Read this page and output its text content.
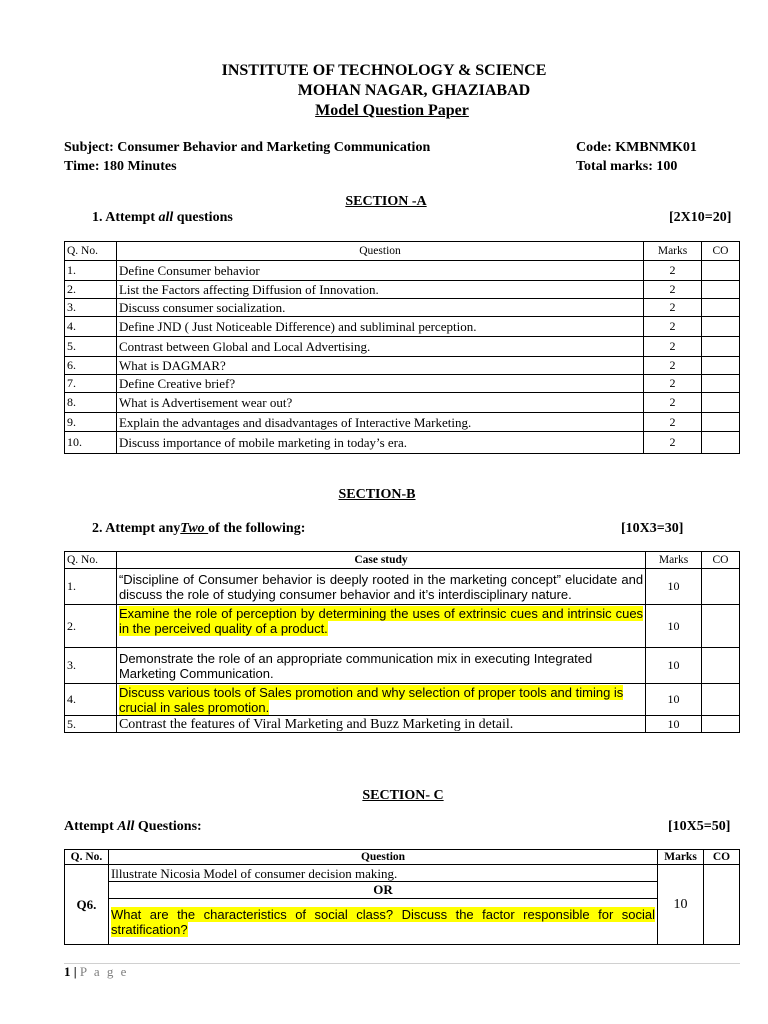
INSTITUTE OF TECHNOLOGY & SCIENCE
MOHAN NAGAR, GHAZIABAD
Model Question Paper
Subject: Consumer Behavior and Marketing Communication
Time: 180 Minutes
Code: KMBNMK01
Total marks: 100
SECTION -A
1. Attempt all questions	[2X10=20]
Q. No.	Question	Marks	CO
1.	Define Consumer behavior	2	
2.	List the Factors affecting Diffusion of Innovation.	2	
3.	Discuss consumer socialization.	2	
4.	Define JND ( Just Noticeable Difference) and subliminal perception.	2	
5.	Contrast between Global and Local Advertising.	2	
6.	What is DAGMAR?	2	
7.	Define Creative brief?	2	
8.	What is Advertisement wear out?	2	
9.	Explain the advantages and disadvantages of Interactive Marketing.	2	
10.	Discuss importance of mobile marketing in today’s era.	2	
SECTION-B
2. Attempt anyTwo of the following:	[10X3=30]
Q. No.	Case study	Marks	CO
1.	“Discipline of Consumer behavior is deeply rooted in the marketing concept” elucidate and discuss the role of studying consumer behavior and it’s interdisciplinary nature.	10	
2.	Examine the role of perception by determining the uses of extrinsic cues and intrinsic cues in the perceived quality of a product.	10	
3.	Demonstrate the role of an appropriate communication mix in executing Integrated Marketing Communication.	10	
4.	Discuss various tools of Sales promotion and why selection of proper tools and timing is crucial in sales promotion.	10	
5.	Contrast the features of Viral Marketing and Buzz Marketing in detail.	10	
SECTION- C
Attempt All Questions:	[10X5=50]
Q. No.	Question	Marks	CO
Q6.	Illustrate Nicosia Model of consumer decision making.	10	
	OR		
	What are the characteristics of social class? Discuss the factor responsible for social stratification?		
1 | P a g e
